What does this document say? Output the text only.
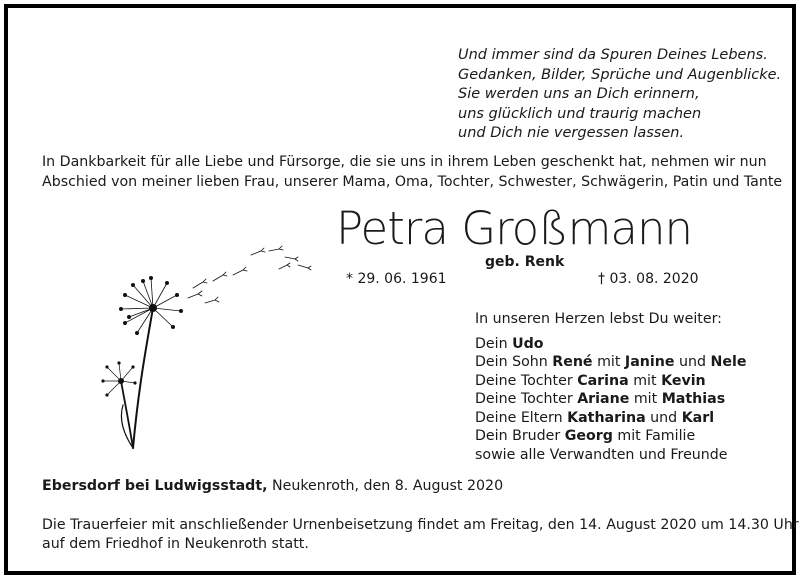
Und immer sind da Spuren Deines Lebens.
Gedanken, Bilder, Sprüche und Augenblicke.
Sie werden uns an Dich erinnern,
uns glücklich und traurig machen
und Dich nie vergessen lassen.
In Dankbarkeit für alle Liebe und Fürsorge, die sie uns in ihrem Leben geschenkt hat, nehmen wir nun
Abschied von meiner lieben Frau, unserer Mama, Oma, Tochter, Schwester, Schwägerin, Patin und Tante
Petra Großmann
geb. Renk
* 29. 06. 1961	† 03. 08. 2020
In unseren Herzen lebst Du weiter:
Dein Udo
Dein Sohn René mit Janine und Nele
Deine Tochter Carina mit Kevin
Deine Tochter Ariane mit Mathias
Deine Eltern Katharina und Karl
Dein Bruder Georg mit Familie
sowie alle Verwandten und Freunde
Ebersdorf bei Ludwigsstadt, Neukenroth, den 8. August 2020
Die Trauerfeier mit anschließender Urnenbeisetzung findet am Freitag, den 14. August 2020 um 14.30 Uhr
auf dem Friedhof in Neukenroth statt.
